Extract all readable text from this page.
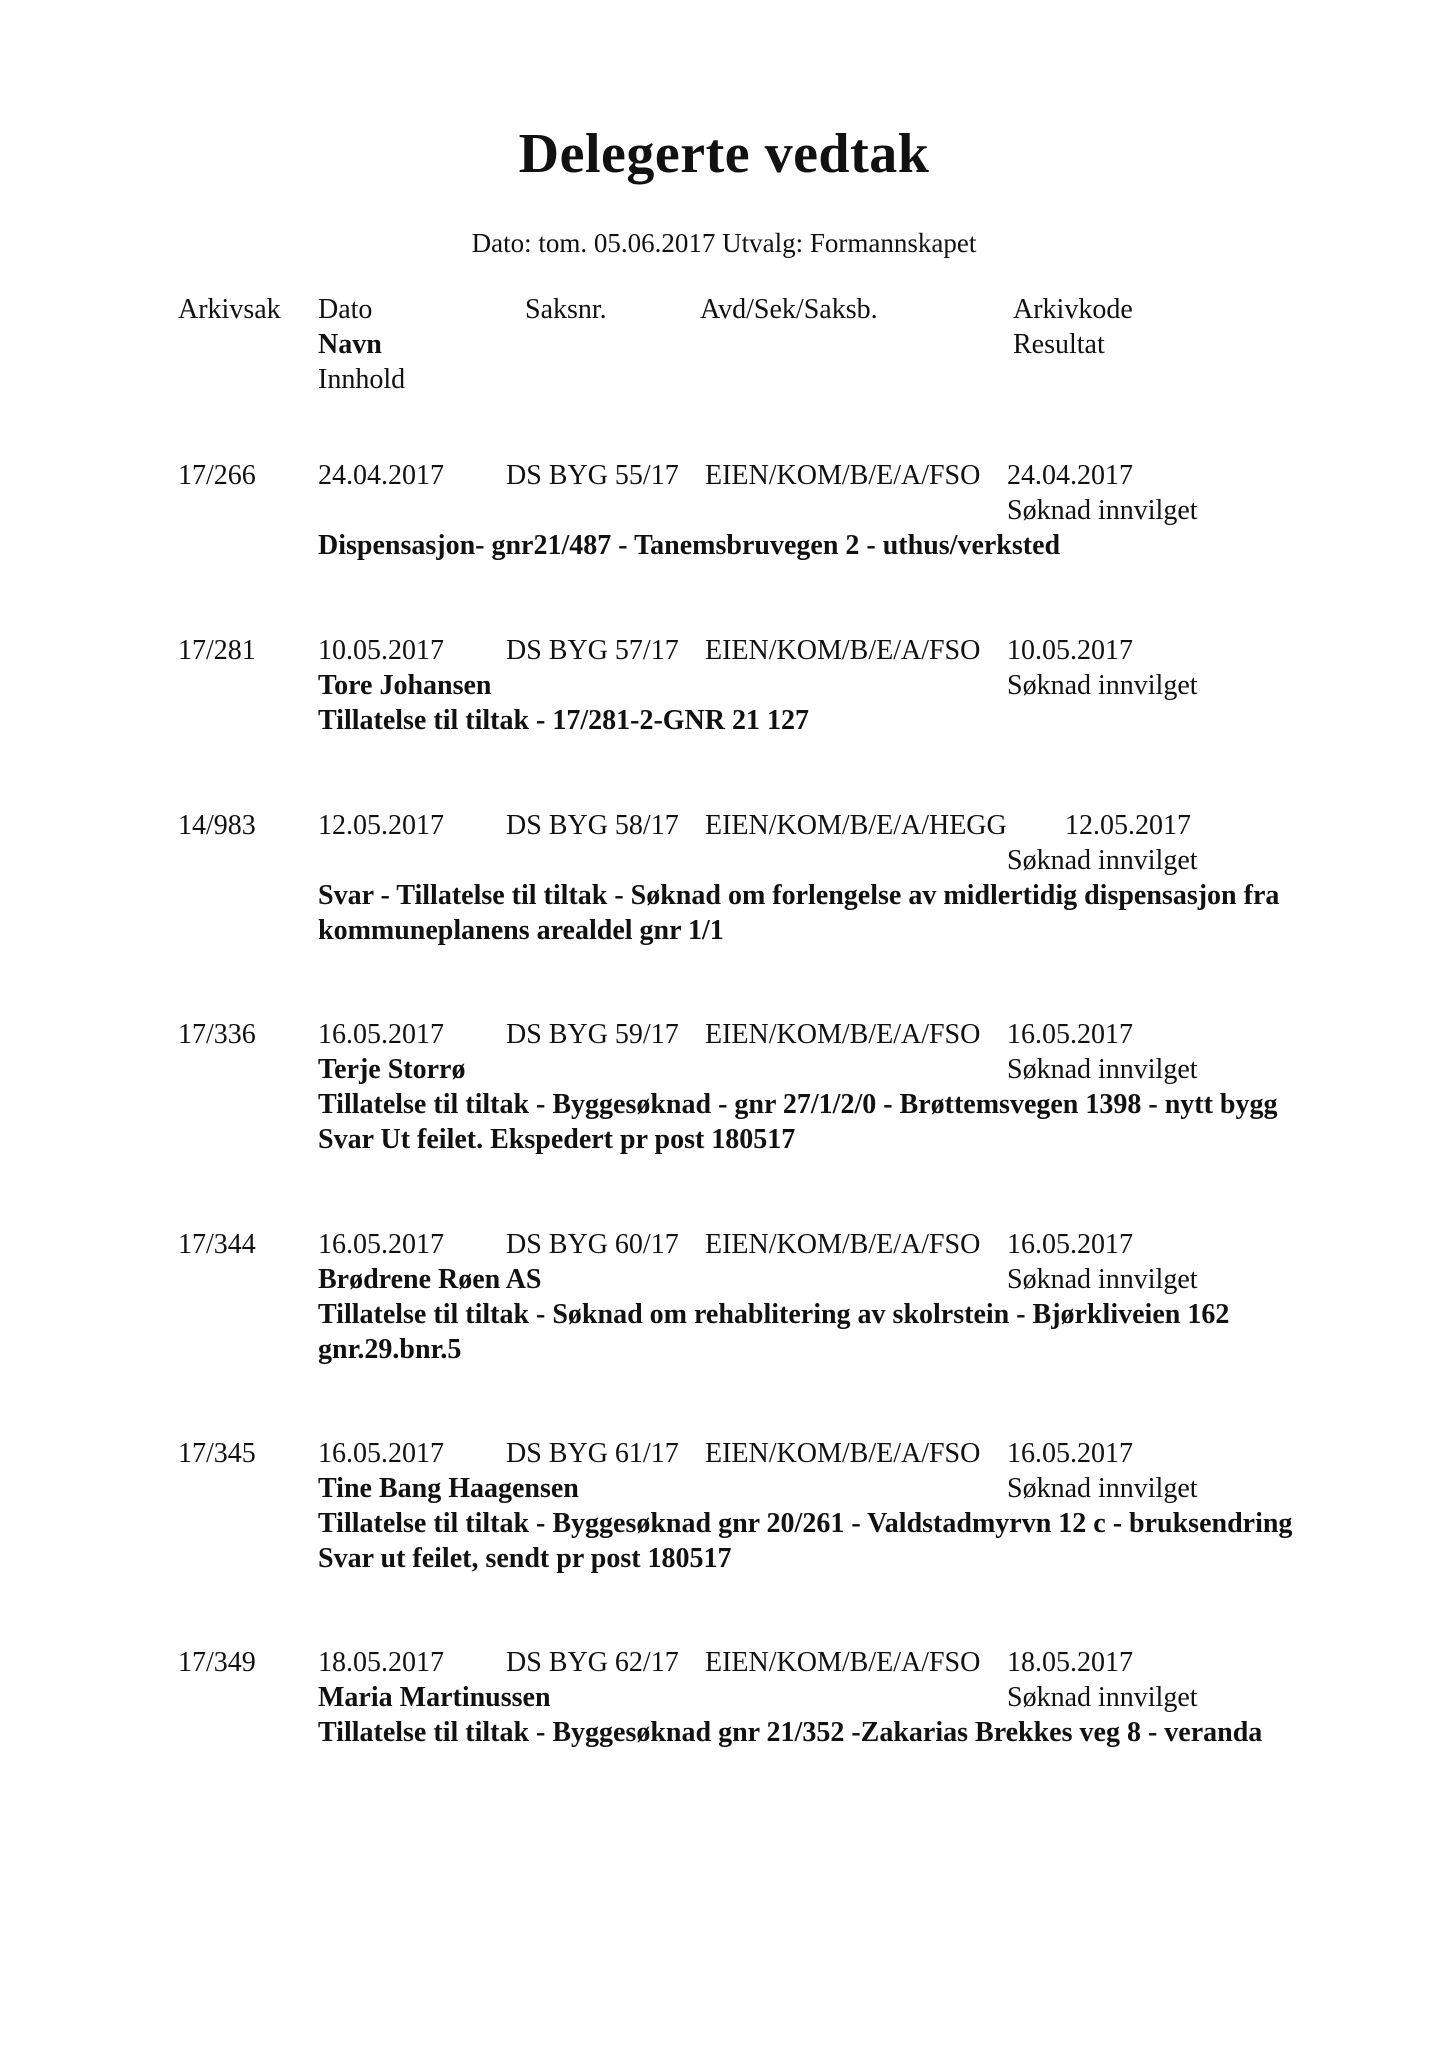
Delegerte vedtak
Dato: tom. 05.06.2017 Utvalg: Formannskapet
Arkivsak Dato	Saksnr.	Avd/Sek/Saksb.	Arkivkode
Navn	Resultat
Innhold
17/266 24.04.2017 DS BYG 55/17 EIEN/KOM/B/E/A/FSO 24.04.2017
Søknad innvilget
Dispensasjon- gnr21/487 - Tanemsbruvegen 2 - uthus/verksted
17/281 10.05.2017 DS BYG 57/17 EIEN/KOM/B/E/A/FSO 10.05.2017
Tore Johansen	Søknad innvilget
Tillatelse til tiltak - 17/281-2-GNR 21 127
14/983 12.05.2017 DS BYG 58/17 EIEN/KOM/B/E/A/HEGG 12.05.2017
Søknad innvilget
Svar - Tillatelse til tiltak - Søknad om forlengelse av midlertidig dispensasjon fra kommuneplanens arealdel gnr 1/1
17/336 16.05.2017 DS BYG 59/17 EIEN/KOM/B/E/A/FSO 16.05.2017
Terje Storrø	Søknad innvilget
Tillatelse til tiltak - Byggesøknad - gnr 27/1/2/0 - Brøttemsvegen 1398 - nytt bygg Svar Ut feilet. Ekspedert pr post 180517
17/344 16.05.2017 DS BYG 60/17 EIEN/KOM/B/E/A/FSO 16.05.2017
Brødrene Røen AS	Søknad innvilget
Tillatelse til tiltak - Søknad om rehablitering av skolrstein - Bjørkliveien 162 gnr.29.bnr.5
17/345 16.05.2017 DS BYG 61/17 EIEN/KOM/B/E/A/FSO 16.05.2017
Tine Bang Haagensen	Søknad innvilget
Tillatelse til tiltak - Byggesøknad gnr 20/261 - Valdstadmyrvn 12 c - bruksendring Svar ut feilet, sendt pr post 180517
17/349 18.05.2017 DS BYG 62/17 EIEN/KOM/B/E/A/FSO 18.05.2017
Maria Martinussen	Søknad innvilget
Tillatelse til tiltak - Byggesøknad gnr 21/352 -Zakarias Brekkes veg 8 - veranda
